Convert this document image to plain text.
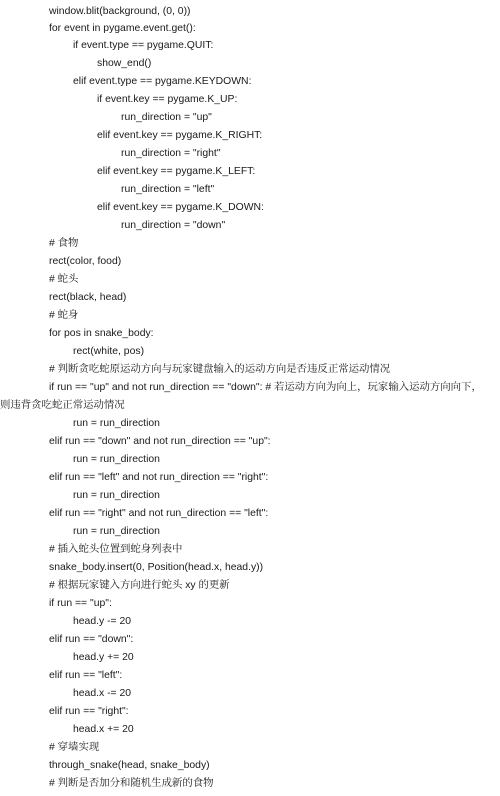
window.blit(background, (0, 0))
for event in pygame.event.get():
if event.type == pygame.QUIT:
show_end()
elif event.type == pygame.KEYDOWN:
if event.key == pygame.K_UP:
run_direction = "up"
elif event.key == pygame.K_RIGHT:
run_direction = "right"
elif event.key == pygame.K_LEFT:
run_direction = "left"
elif event.key == pygame.K_DOWN:
run_direction = "down"
# 食物
rect(color, food)
# 蛇头
rect(black, head)
# 蛇身
for pos in snake_body:
rect(white, pos)
# 判断贪吃蛇原运动方向与玩家键盘输入的运动方向是否违反正常运动情况
if run == "up" and not run_direction == "down": # 若运动方向为向上，玩家输入运动方向向下，则违背贪吃蛇正常运动情况
run = run_direction
elif run == "down" and not run_direction == "up":
run = run_direction
elif run == "left" and not run_direction == "right":
run = run_direction
elif run == "right" and not run_direction == "left":
run = run_direction
# 插入蛇头位置到蛇身列表中
snake_body.insert(0, Position(head.x, head.y))
# 根据玩家键入方向进行蛇头 xy 的更新
if run == "up":
head.y -= 20
elif run == "down":
head.y += 20
elif run == "left":
head.x -= 20
elif run == "right":
head.x += 20
# 穿墙实现
through_snake(head, snake_body)
# 判断是否加分和随机生成新的食物
